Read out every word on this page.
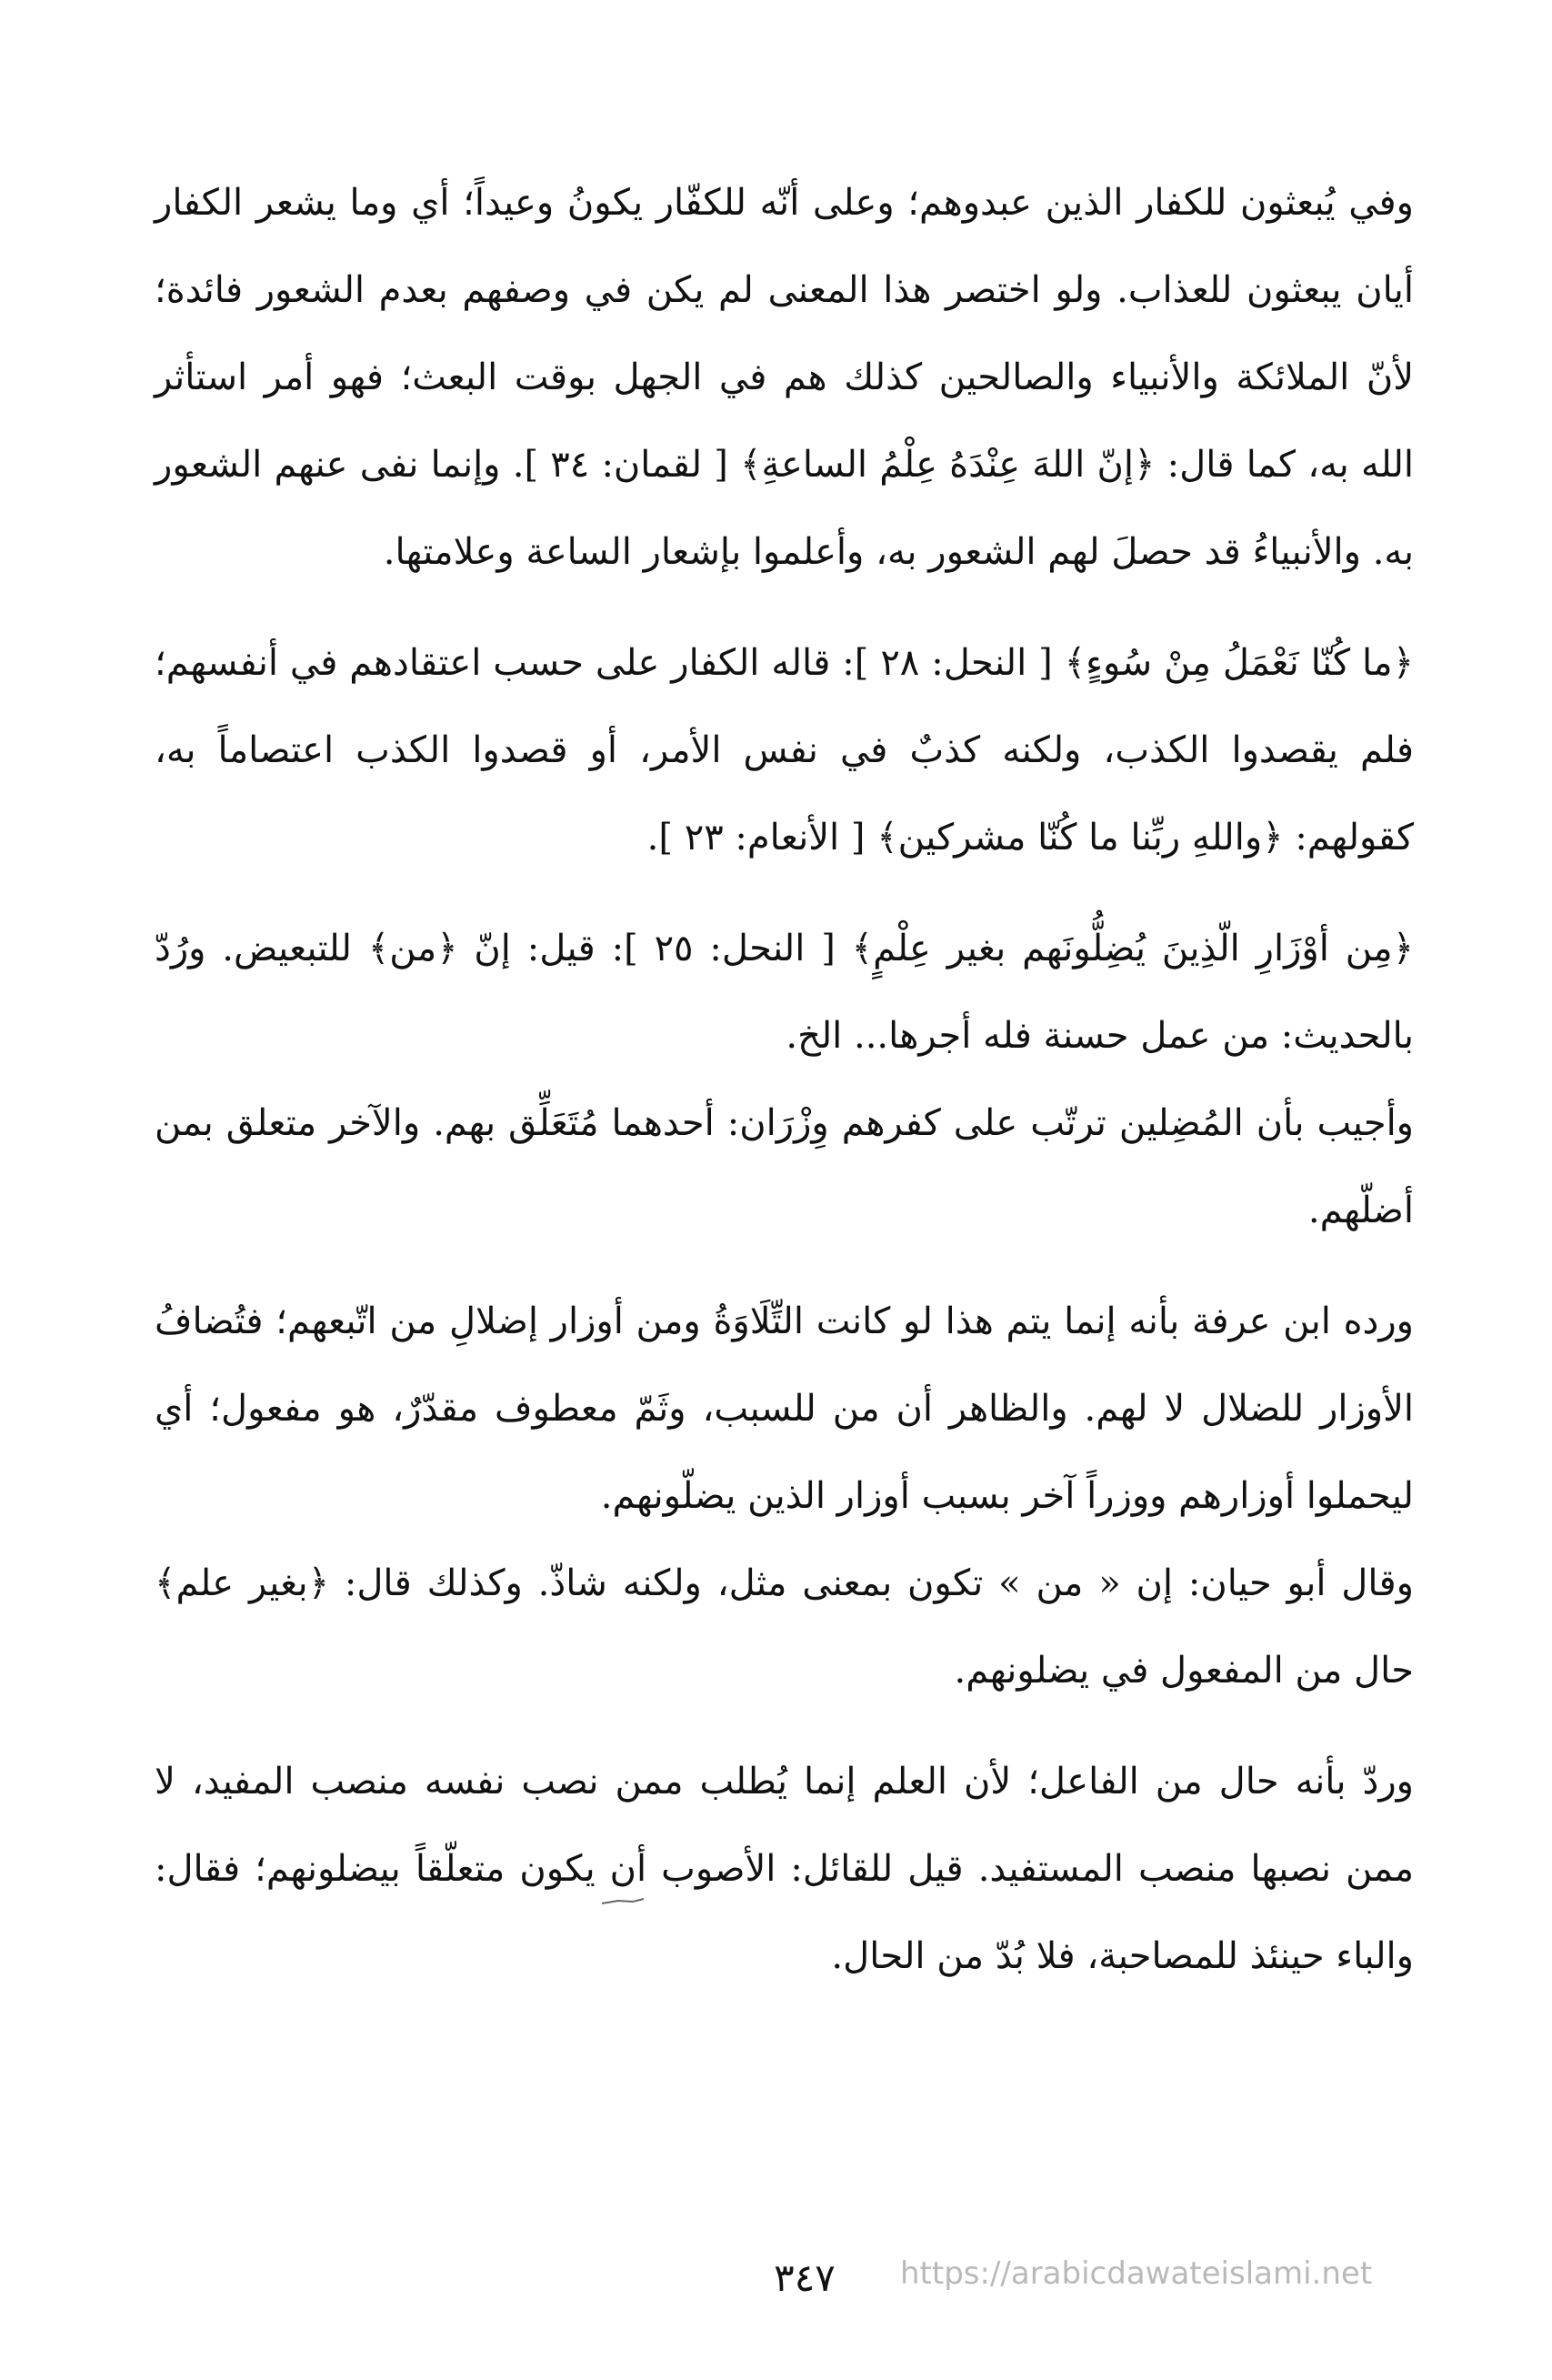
وفي يُبعثون للكفار الذين عبدوهم؛ وعلى أنّه للكفّار يكونُ وعيداً؛ أي وما يشعر الكفار أيان يبعثون للعذاب. ولو اختصر هذا المعنى لم يكن في وصفهم بعدم الشعور فائدة؛ لأنّ الملائكة والأنبياء والصالحين كذلك هم في الجهل بوقت البعث؛ فهو أمر استأثر الله به، كما قال: ﴿إنّ اللهَ عِنْدَهُ عِلْمُ الساعةِ﴾ [ لقمان: ٣٤ ]. وإنما نفى عنهم الشعور به. والأنبياءُ قد حصلَ لهم الشعور به، وأعلموا بإشعار الساعة وعلامتها.

﴿ما كُنّا نَعْمَلُ مِنْ سُوءٍ﴾ [ النحل: ٢٨ ]: قاله الكفار على حسب اعتقادهم في أنفسهم؛ فلم يقصدوا الكذب، ولكنه كذبٌ في نفس الأمر، أو قصدوا الكذب اعتصاماً به، كقولهم: ﴿واللهِ ربِّنا ما كُنّا مشركين﴾ [ الأنعام: ٢٣ ].

﴿مِن أوْزَارِ الّذِينَ يُضِلُّونَهم بغير عِلْمٍ﴾ [ النحل: ٢٥ ]: قيل: إنّ ﴿من﴾ للتبعيض. ورُدّ بالحديث: من عمل حسنة فله أجرها... الخ.

وأجيب بأن المُضِلين ترتّب على كفرهم وِزْرَان: أحدهما مُتَعَلِّق بهم. والآخر متعلق بمن أضلّهم.

ورده ابن عرفة بأنه إنما يتم هذا لو كانت التِّلَاوَةُ ومن أوزار إضلالِ من اتّبعهم؛ فتُضافُ الأوزار للضلال لا لهم. والظاهر أن من للسبب، وثَمّ معطوف مقدّرٌ، هو مفعول؛ أي ليحملوا أوزارهم ووزراً آخر بسبب أوزار الذين يضلّونهم.

وقال أبو حيان: إن « من » تكون بمعنى مثل، ولكنه شاذّ. وكذلك قال: ﴿بغير علم﴾ حال من المفعول في يضلونهم.

وردّ بأنه حال من الفاعل؛ لأن العلم إنما يُطلب ممن نصب نفسه منصب المفيد، لا ممن نصبها منصب المستفيد. قيل للقائل: الأصوب أن يكون متعلّقاً بيضلونهم؛ فقال: والباء حينئذ للمصاحبة، فلا بُدّ من الحال.

٣٤٧	https://arabicdawateislami.net
